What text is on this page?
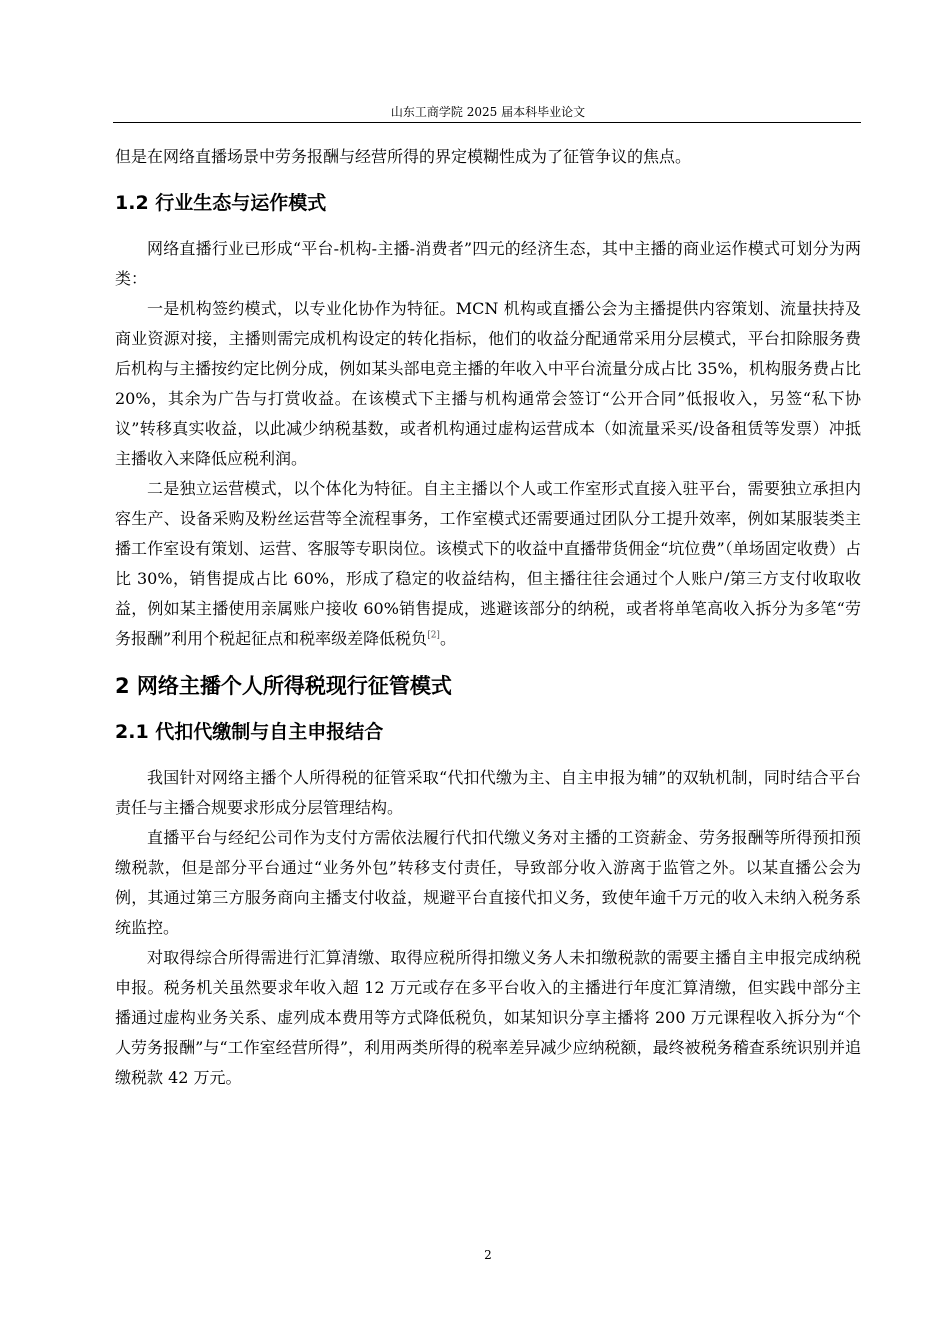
山东工商学院 2025 届本科毕业论文

但是在网络直播场景中劳务报酬与经营所得的界定模糊性成为了征管争议的焦点。

1.2 行业生态与运作模式

网络直播行业已形成“平台-机构-主播-消费者”四元的经济生态，其中主播的商业运作模式可划分为两类：

一是机构签约模式，以专业化协作为特征。MCN 机构或直播公会为主播提供内容策划、流量扶持及商业资源对接，主播则需完成机构设定的转化指标，他们的收益分配通常采用分层模式，平台扣除服务费后机构与主播按约定比例分成，例如某头部电竞主播的年收入中平台流量分成占比 35%，机构服务费占比 20%，其余为广告与打赏收益。在该模式下主播与机构通常会签订“公开合同”低报收入，另签“私下协议”转移真实收益，以此减少纳税基数，或者机构通过虚构运营成本（如流量采买/设备租赁等发票）冲抵主播收入来降低应税利润。

二是独立运营模式，以个体化为特征。自主主播以个人或工作室形式直接入驻平台，需要独立承担内容生产、设备采购及粉丝运营等全流程事务，工作室模式还需要通过团队分工提升效率，例如某服装类主播工作室设有策划、运营、客服等专职岗位。该模式下的收益中直播带货佣金“坑位费”（单场固定收费）占比 30%，销售提成占比 60%，形成了稳定的收益结构，但主播往往会通过个人账户/第三方支付收取收益，例如某主播使用亲属账户接收 60%销售提成，逃避该部分的纳税，或者将单笔高收入拆分为多笔“劳务报酬”利用个税起征点和税率级差降低税负[2]。

2 网络主播个人所得税现行征管模式
2.1 代扣代缴制与自主申报结合

我国针对网络主播个人所得税的征管采取“代扣代缴为主、自主申报为辅”的双轨机制，同时结合平台责任与主播合规要求形成分层管理结构。

直播平台与经纪公司作为支付方需依法履行代扣代缴义务对主播的工资薪金、劳务报酬等所得预扣预缴税款，但是部分平台通过“业务外包”转移支付责任，导致部分收入游离于监管之外。以某直播公会为例，其通过第三方服务商向主播支付收益，规避平台直接代扣义务，致使年逾千万元的收入未纳入税务系统监控。

对取得综合所得需进行汇算清缴、取得应税所得扣缴义务人未扣缴税款的需要主播自主申报完成纳税申报。税务机关虽然要求年收入超 12 万元或存在多平台收入的主播进行年度汇算清缴，但实践中部分主播通过虚构业务关系、虚列成本费用等方式降低税负，如某知识分享主播将 200 万元课程收入拆分为“个人劳务报酬”与“工作室经营所得”，利用两类所得的税率差异减少应纳税额，最终被税务稽查系统识别并追缴税款 42 万元。

2
